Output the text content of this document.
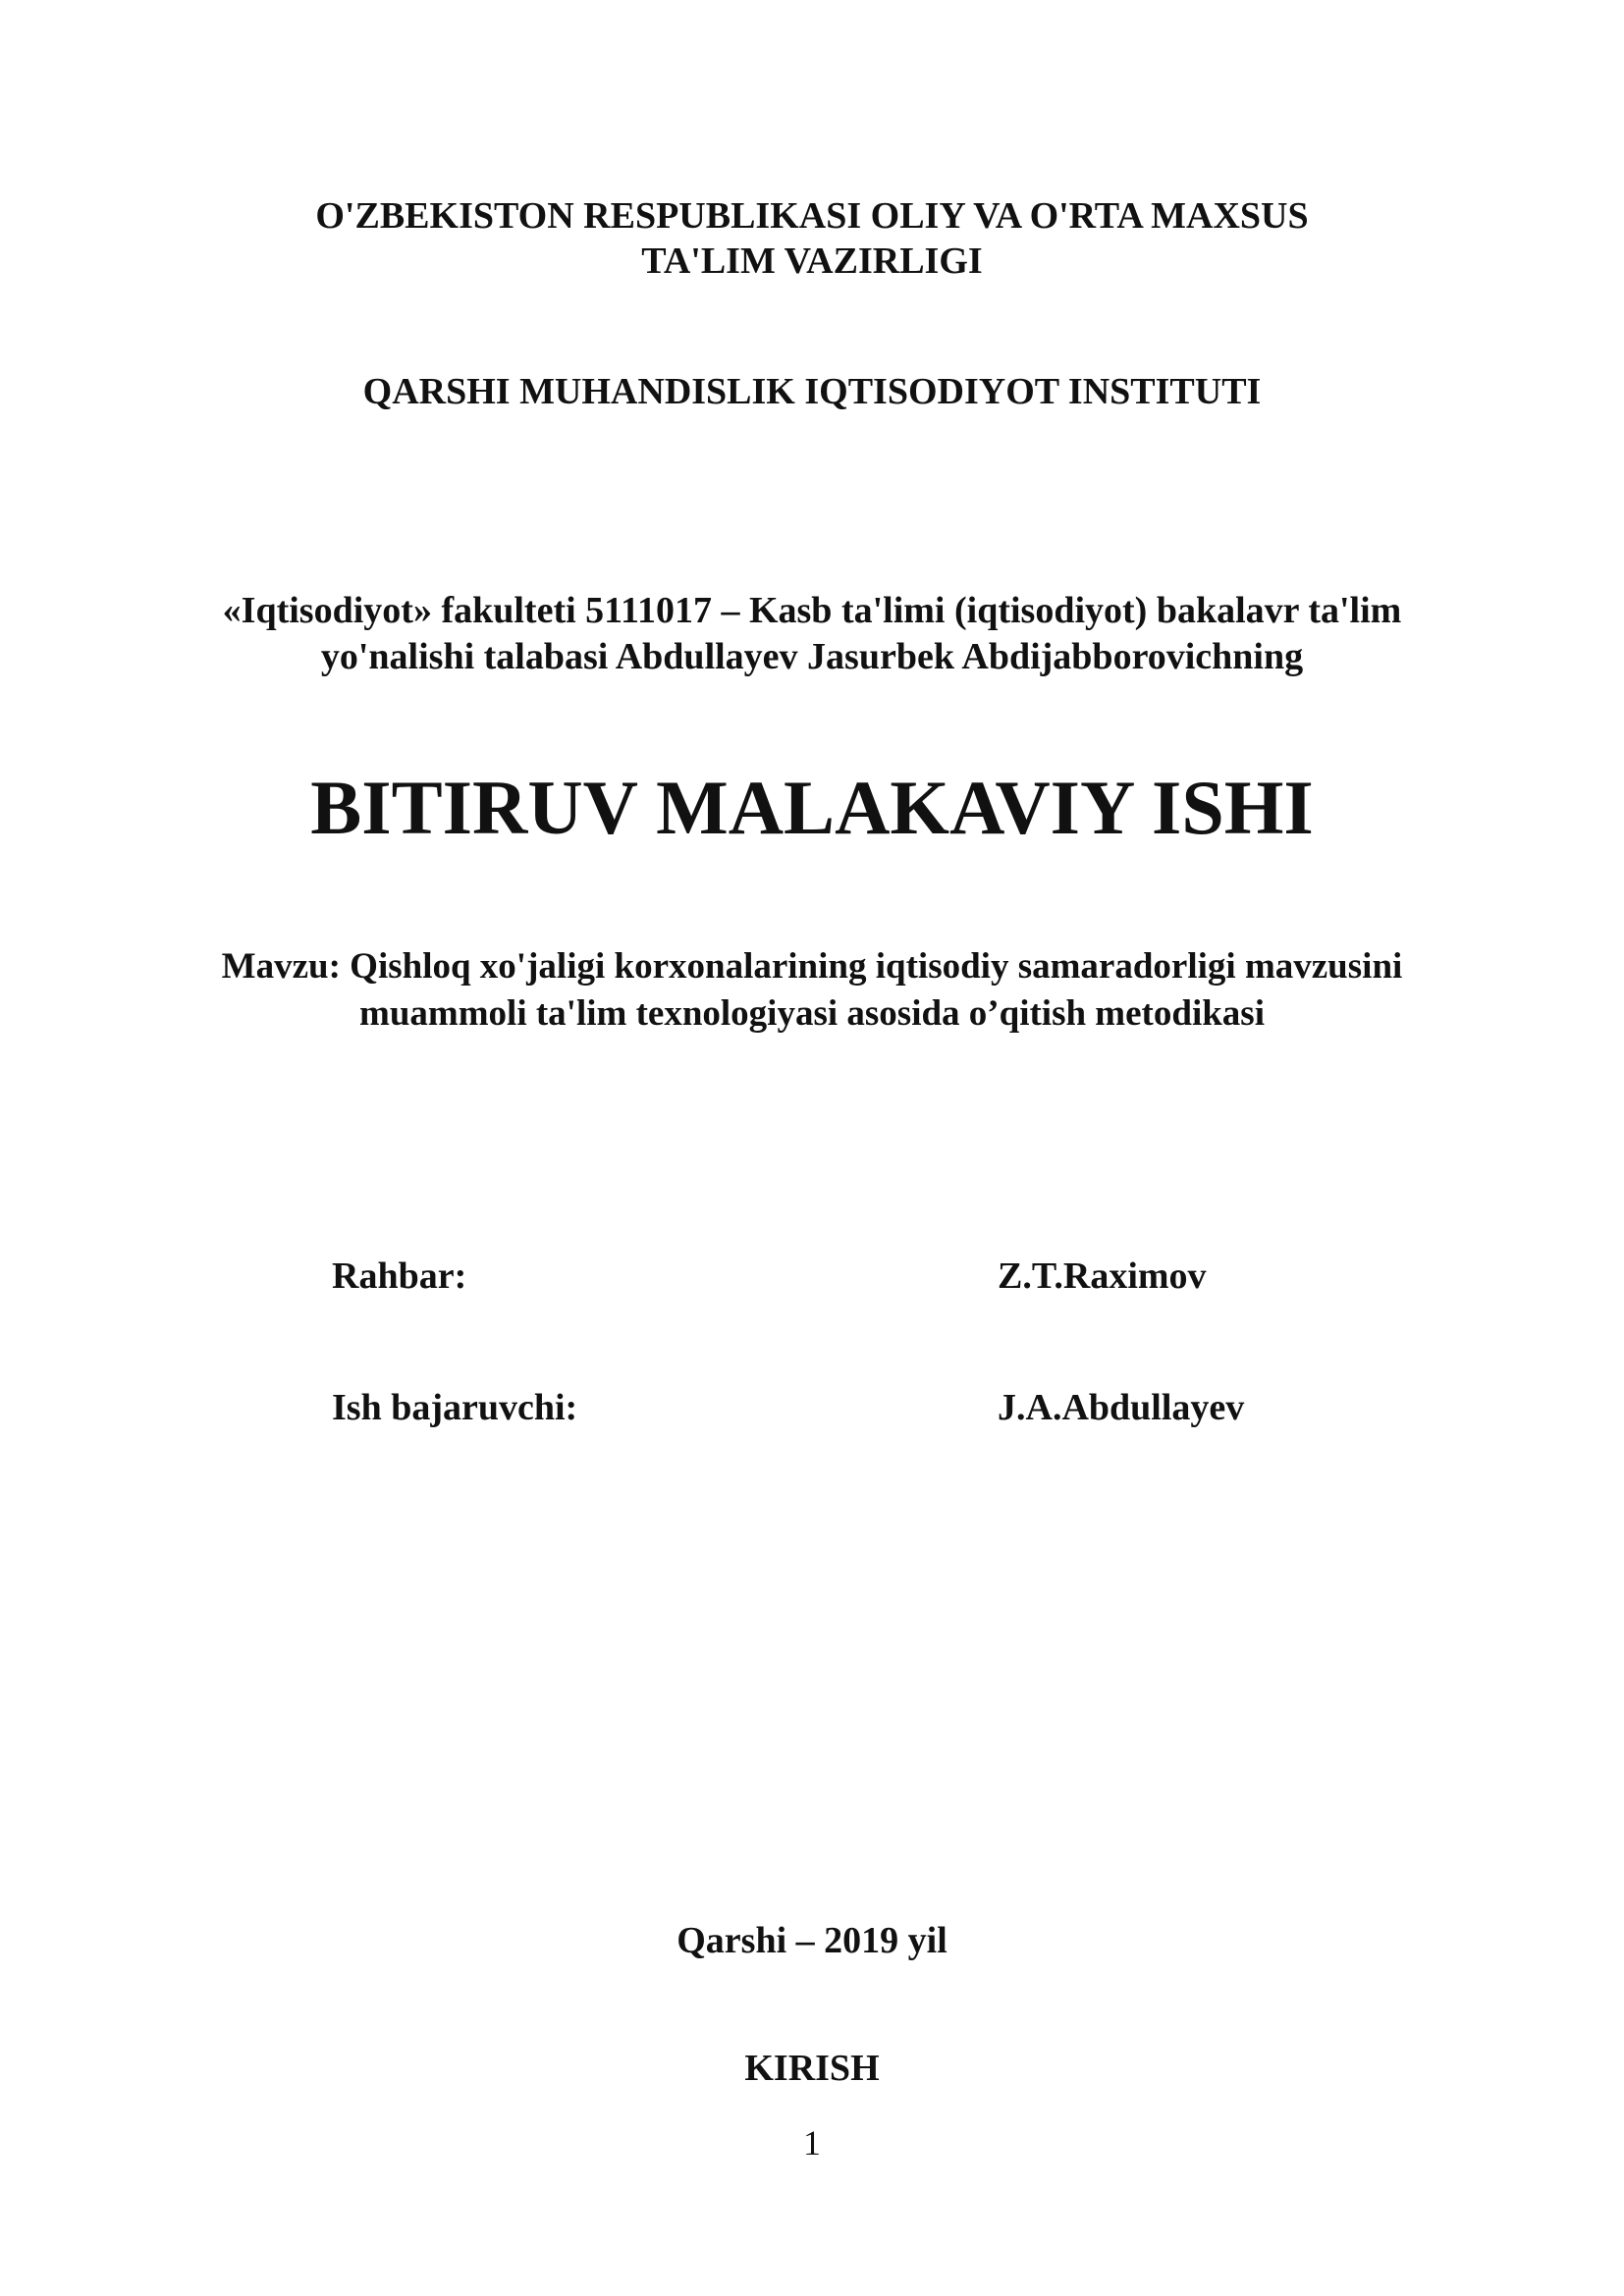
O'ZBEKISTON RESPUBLIKASI OLIY VA O'RTA MAXSUS
TA'LIM VAZIRLIGI
QARSHI MUHANDISLIK IQTISODIYOT INSTITUTI
«Iqtisodiyot» fakulteti 5111017 – Kasb ta'limi (iqtisodiyot) bakalavr ta'lim
yo'nalishi talabasi Abdullayev Jasurbek Abdijabborovichning
BITIRUV MALAKAVIY ISHI
Mavzu: Qishloq xo'jaligi korxonalarining iqtisodiy samaradorligi mavzusini
muammoli ta'lim texnologiyasi asosida o’qitish metodikasi
Rahbar:	Z.T.Raximov
Ish bajaruvchi:	J.A.Abdullayev
Qarshi – 2019 yil
KIRISH
1
